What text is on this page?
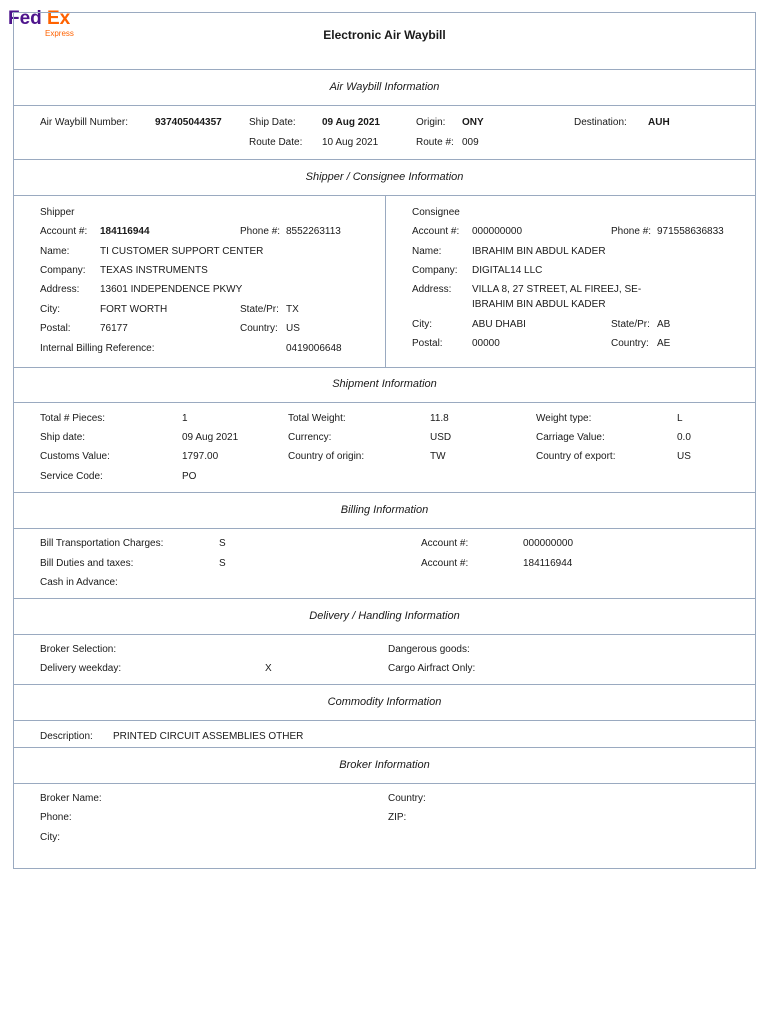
Fed Ex
Express	Electronic Air Waybill
Air Waybill Information
Shipper / Consignee Information
Shipment Information
Billing Information
Delivery / Handling Information
Commodity Information
Broker Information
Air Waybill Number:	937405044357	Ship Date:	09 Aug 2021	Origin: ONY	Destination: AUH
Route Date: 10 Aug 2021	Route #: 009
Shipper
Account #: 184116944	Phone #: 8552263113
Name:	TI CUSTOMER SUPPORT CENTER
Company: TEXAS INSTRUMENTS
Address: 13601 INDEPENDENCE PKWY
City:	FORT WORTH	State/Pr: TX
Postal:	76177	Country: US
Internal Billing Reference:	0419006648
Consignee
Account #: 000000000	Phone #: 971558636833
Name:	IBRAHIM BIN ABDUL KADER
Company: DIGITAL14 LLC
Address: VILLA 8, 27 STREET, AL FIREEJ, SE-
IBRAHIM BIN ABDUL KADER
City:	ABU DHABI	State/Pr: AB
Postal:	00000	Country: AE
Total # Pieces:	1	Total Weight:	11.8	Weight type:	L
Ship date:	09 Aug 2021	Currency:	USD	Carriage Value:	0.0
Customs Value:	1797.00	Country of origin:	TW	Country of export:	US
Service Code:	PO
Bill Transportation Charges:	S	Account #:	000000000
Bill Duties and taxes:	S	Account #:	184116944
Cash in Advance:
Broker Selection:	Dangerous goods:
Delivery weekday:	X	Cargo Airfract Only:
Description: PRINTED CIRCUIT ASSEMBLIES OTHER
Broker Name:	Country:
Phone:	ZIP:
City:
